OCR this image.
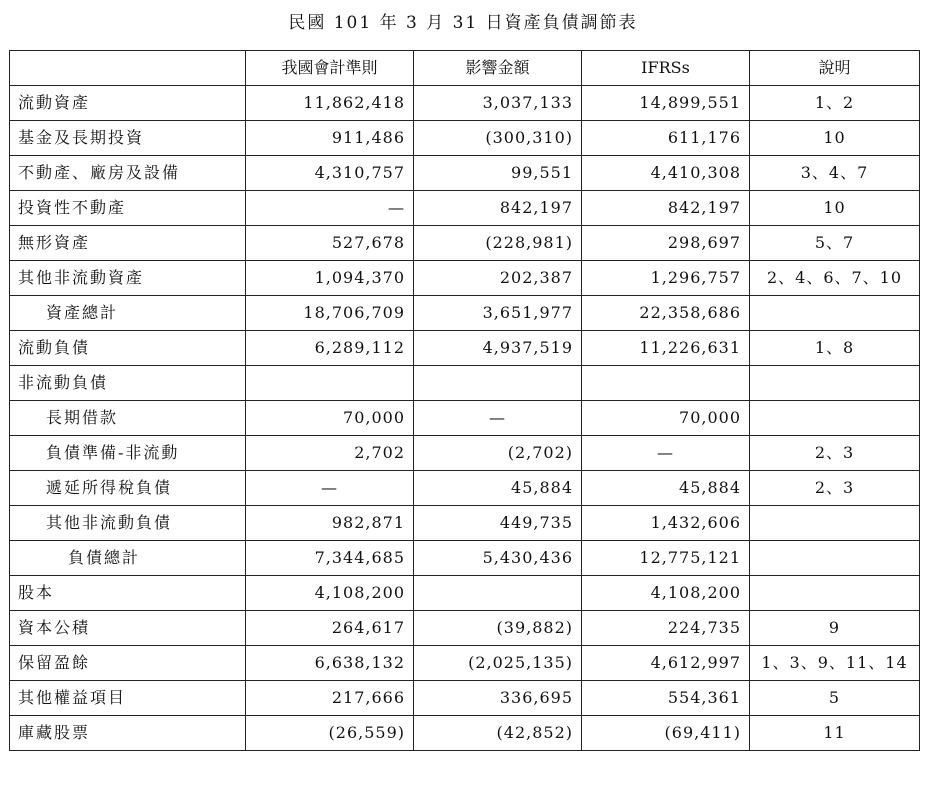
民國 101 年 3 月 31 日資產負債調節表
	我國會計準則	影響金額	IFRSs	說明
流動資產	11,862,418	3,037,133	14,899,551	1、2
基金及長期投資	911,486	(300,310)	611,176	10
不動產、廠房及設備	4,310,757	99,551	4,410,308	3、4、7
投資性不動產	—	842,197	842,197	10
無形資產	527,678	(228,981)	298,697	5、7
其他非流動資產	1,094,370	202,387	1,296,757	2、4、6、7、10
資產總計	18,706,709	3,651,977	22,358,686	
流動負債	6,289,112	4,937,519	11,226,631	1、8
非流動負債				
長期借款	70,000	—	70,000	
負債準備-非流動	2,702	(2,702)	—	2、3
遞延所得稅負債	—	45,884	45,884	2、3
其他非流動負債	982,871	449,735	1,432,606	
負債總計	7,344,685	5,430,436	12,775,121	
股本	4,108,200		4,108,200	
資本公積	264,617	(39,882)	224,735	9
保留盈餘	6,638,132	(2,025,135)	4,612,997	1、3、9、11、14
其他權益項目	217,666	336,695	554,361	5
庫藏股票	(26,559)	(42,852)	(69,411)	11
